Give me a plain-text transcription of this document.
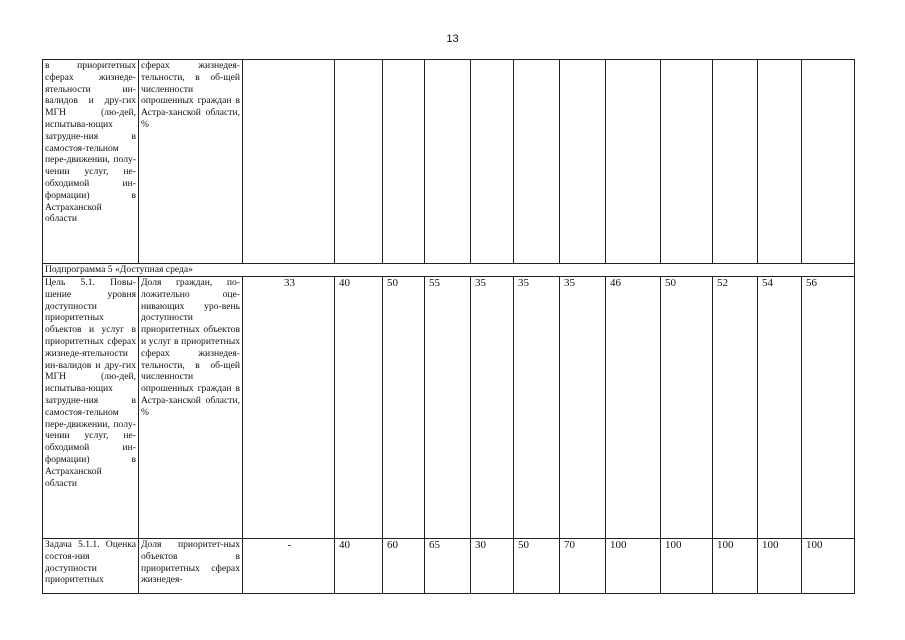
13
в приоритетных сферах жизнеде-ятельности ин-валидов и дру-гих МГН (лю-дей, испытыва-ющих затрудне-ния в самостоя-тельном пере-движении, полу-чении услуг, не-обходимой ин-формации) в Астраханской области	сферах жизнедея-тельности, в об-щей численности опрошенных граждан в Астра-ханской области, %												
Подпрограмма 5 «Доступная среда»													
Цель 5.1. Повы-шение уровня доступности приоритетных объектов и услуг в приоритетных сферах жизнеде-ятельности ин-валидов и дру-гих МГН (лю-дей, испытыва-ющих затрудне-ния в самостоя-тельном пере-движении, полу-чении услуг, не-обходимой ин-формации) в Астраханской области	Доля граждан, по-ложительно оце-нивающих уро-вень доступности приоритетных объектов и услуг в приоритетных сферах жизнедея-тельности, в об-щей численности опрошенных граждан в Астра-ханской области, %	33	40	50	55	35	35	35	46	50	52	54	56
Задача 5.1.1. Оценка состоя-ния доступности приоритетных	Доля приоритет-ных объектов в приоритетных сферах жизнедея-	-	40	60	65	30	50	70	100	100	100	100	100
